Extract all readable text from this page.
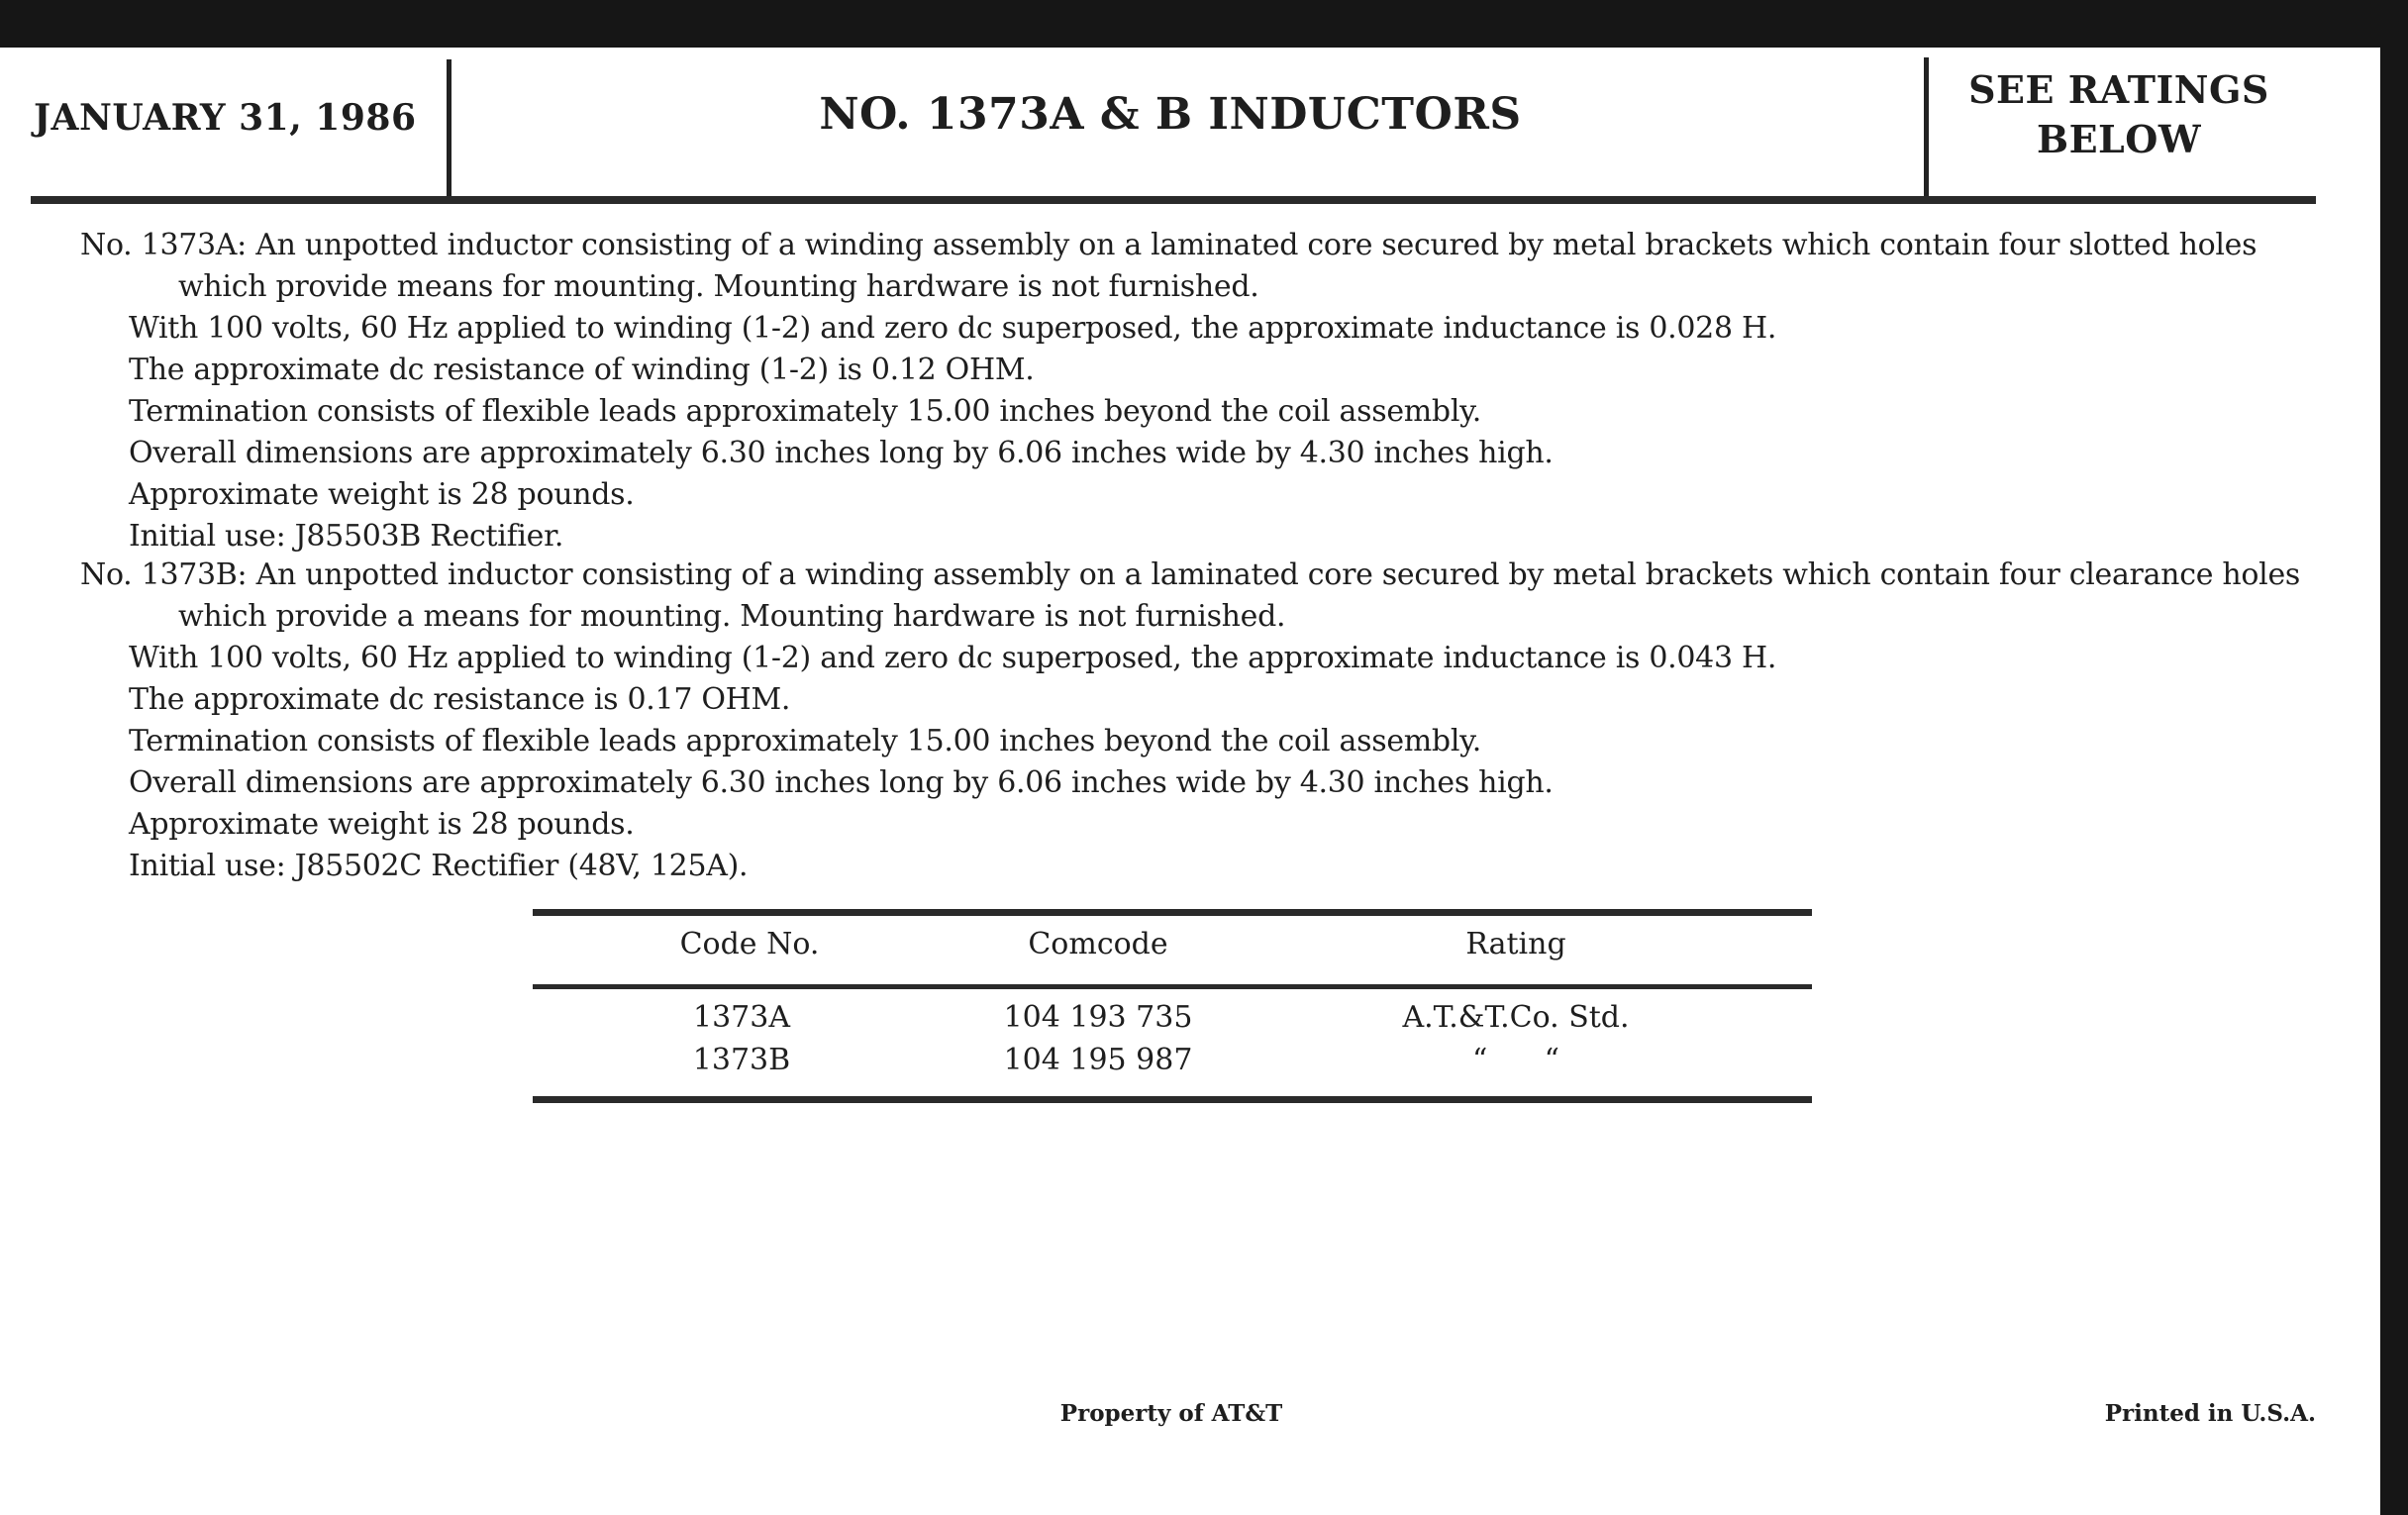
JANUARY 31, 1986	NO. 1373A & B INDUCTORS	SEE RATINGS
BELOW
No. 1373A: An unpotted inductor consisting of a winding assembly on a laminated core secured by metal brackets which contain four slotted holes
which provide means for mounting. Mounting hardware is not furnished.
With 100 volts, 60 Hz applied to winding (1-2) and zero dc superposed, the approximate inductance is 0.028 H.
The approximate dc resistance of winding (1-2) is 0.12 OHM.
Termination consists of flexible leads approximately 15.00 inches beyond the coil assembly.
Overall dimensions are approximately 6.30 inches long by 6.06 inches wide by 4.30 inches high.
Approximate weight is 28 pounds.
Initial use: J85503B Rectifier.
No. 1373B: An unpotted inductor consisting of a winding assembly on a laminated core secured by metal brackets which contain four clearance holes
which provide a means for mounting. Mounting hardware is not furnished.
With 100 volts, 60 Hz applied to winding (1-2) and zero dc superposed, the approximate inductance is 0.043 H.
The approximate dc resistance is 0.17 OHM.
Termination consists of flexible leads approximately 15.00 inches beyond the coil assembly.
Overall dimensions are approximately 6.30 inches long by 6.06 inches wide by 4.30 inches high.
Approximate weight is 28 pounds.
Initial use: J85502C Rectifier (48V, 125A).
Code No.	Comcode	Rating
1373A	104 193 735	A.T.&T.Co. Std.
1373B	104 195 987	“      “
Property of AT&T	Printed in U.S.A.
